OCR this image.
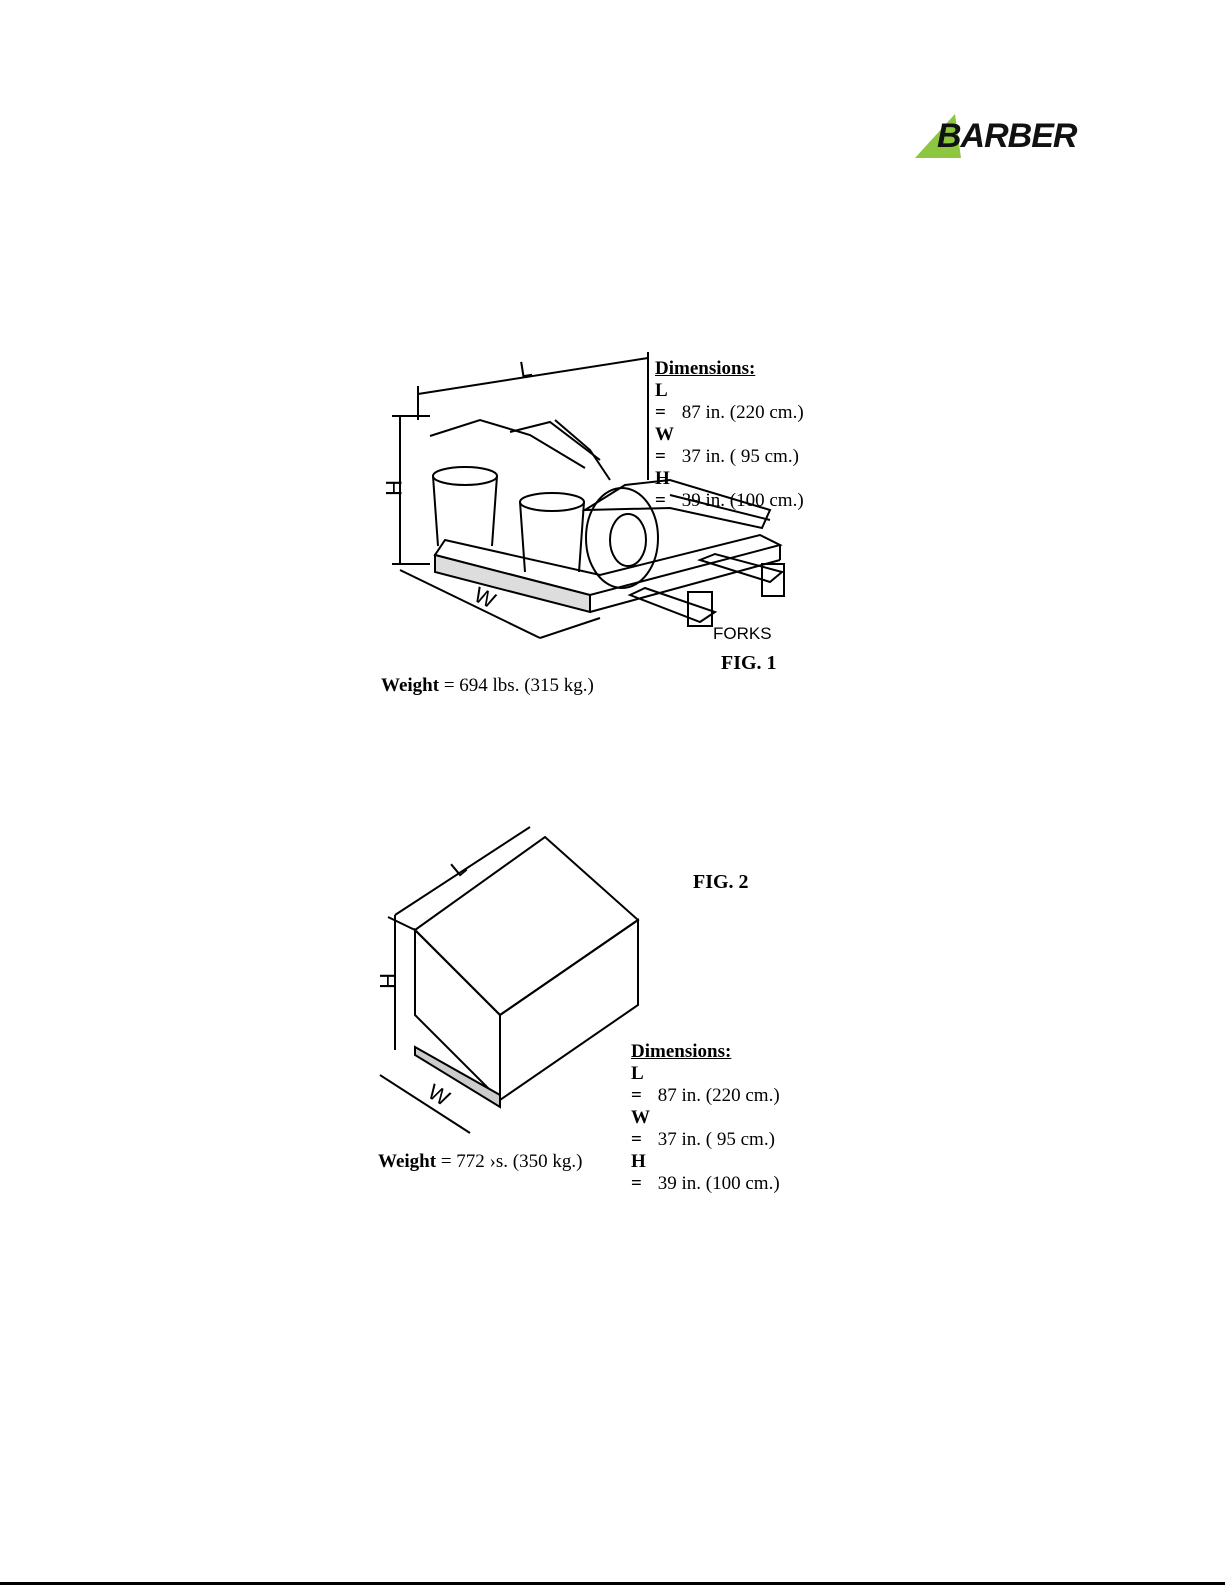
BARBER
L
H
W
Dimensions:
L = 87 in. (220 cm.)
W = 37 in. ( 95 cm.)
H = 39 in. (100 cm.)
FORKS
FIG. 1
Weight = 694 lbs. (315 kg.)
L
H
W
FIG. 2
Dimensions:
L = 87 in. (220 cm.)
W = 37 in. ( 95 cm.)
H = 39 in. (100 cm.)
Weight = 772 ›s. (350 kg.)
